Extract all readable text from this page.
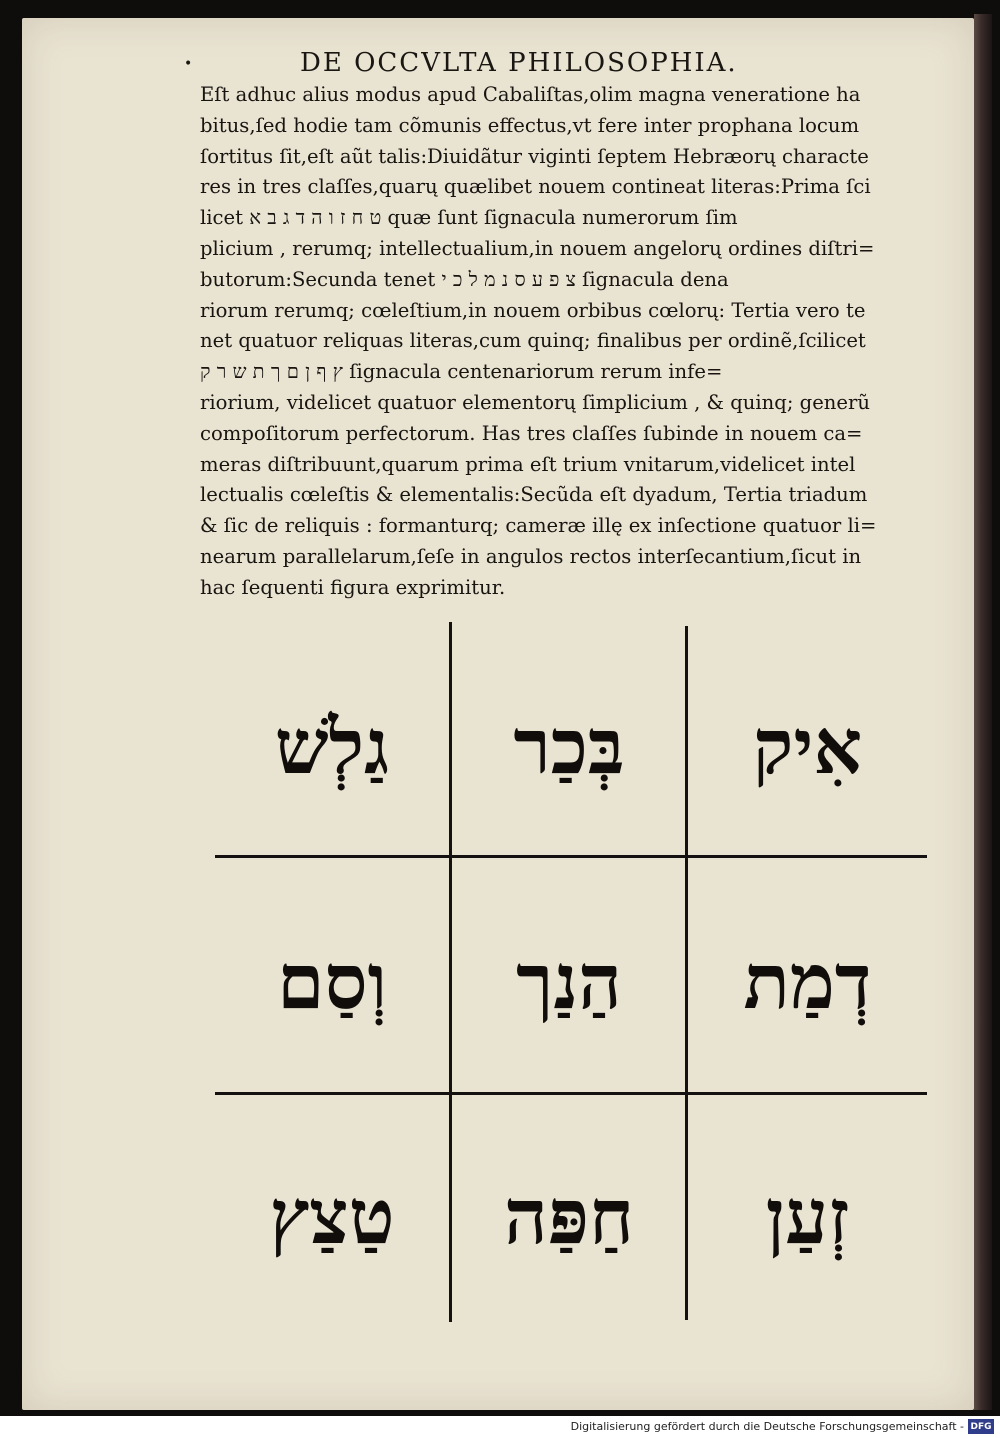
•	DE OCCVLTA PHILOSOPHIA.
Eſt adhuc alius modus apud Cabaliſtas,olim magna veneratione ha
bitus,ſed hodie tam cõmunis effectus,vt fere inter prophana locum
ſortitus ſit,eſt aũt talis:Diuidãtur viginti ſeptem Hebræorų characte
res in tres claſſes,quarų quælibet nouem contineat literas:Prima ſci
licet ט ח ז ו ה ד ג ב א quæ ſunt ſignacula numerorum ſim
plicium , rerumq; intellectualium,in nouem angelorų ordines diſtri=
butorum:Secunda tenet צ פ ע ס נ מ ל כ י ſignacula dena
riorum rerumq; cœleſtium,in nouem orbibus cœlorų: Tertia vero te
net quatuor reliquas literas,cum quinq; finalibus per ordinẽ,ſcilicet
ץ ף ן ם ך ת ש ר ק ſignacula centenariorum rerum infe=
riorium, videlicet quatuor elementorų ſimplicium , & quinq; generũ
compoſitorum perfectorum. Has tres claſſes ſubinde in nouem ca=
meras diſtribuunt,quarum prima eſt trium vnitarum,videlicet intel
lectualis cœleſtis & elementalis:Secũda eſt dyadum, Tertia triadum
& ſic de reliquis : formanturq; cameræ illę ex inſectione quatuor li=
nearum parallelarum,ſeſe in angulos rectos interſecantium,ſicut in
hac ſequenti figura exprimitur.
אִיק
בְּכַר
גַלְשׁ
דְמַת
הַנַך
וְסַם
זְעַן
חַפַּה
טַצַץ
Digitalisierung gefördert durch die Deutsche Forschungsgemeinschaft - DFG
